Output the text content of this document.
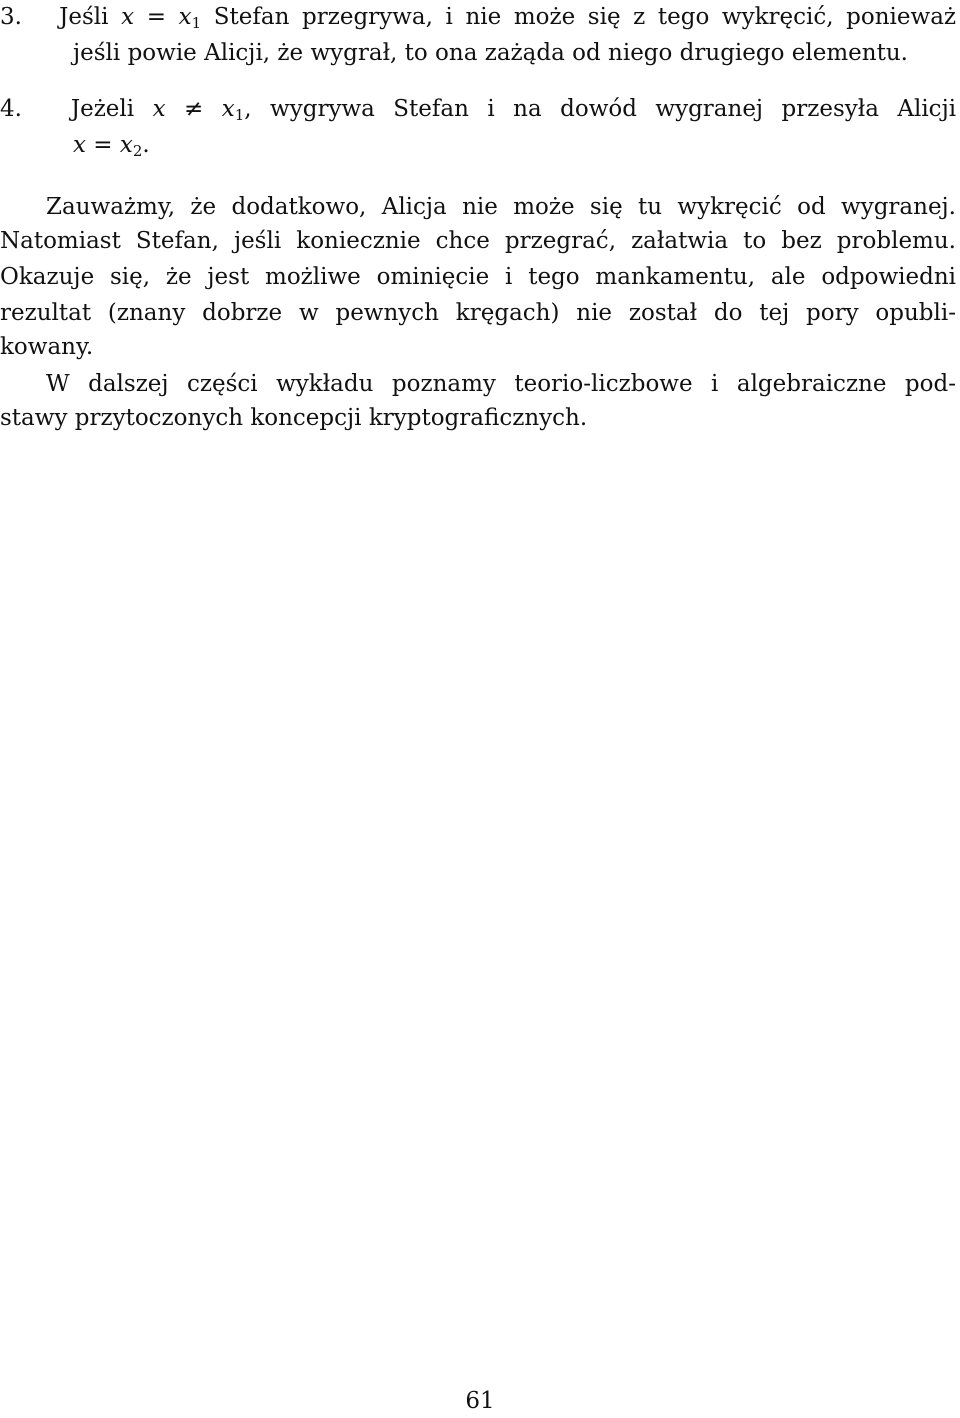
3. Jeśli $x = x_1$ Stefan przegrywa, i nie może się z tego wykręcić, ponieważ
jeśli powie Alicji, że wygrał, to ona zażąda od niego drugiego elementu.
4. Jeżeli $x \ne x_1$, wygrywa Stefan i na dowód wygranej przesyła Alicji
$x = x_2$.
Zauważmy, że dodatkowo, Alicja nie może się tu wykręcić od wygranej.
Natomiast Stefan, jeśli koniecznie chce przegrać, załatwia to bez problemu.
Okazuje się, że jest możliwe ominięcie i tego mankamentu, ale odpowiedni
rezultat (znany dobrze w pewnych kręgach) nie został do tej pory opubli-
kowany.
W dalszej części wykładu poznamy teorio-liczbowe i algebraiczne pod-
stawy przytoczonych koncepcji kryptograficznych.
61
